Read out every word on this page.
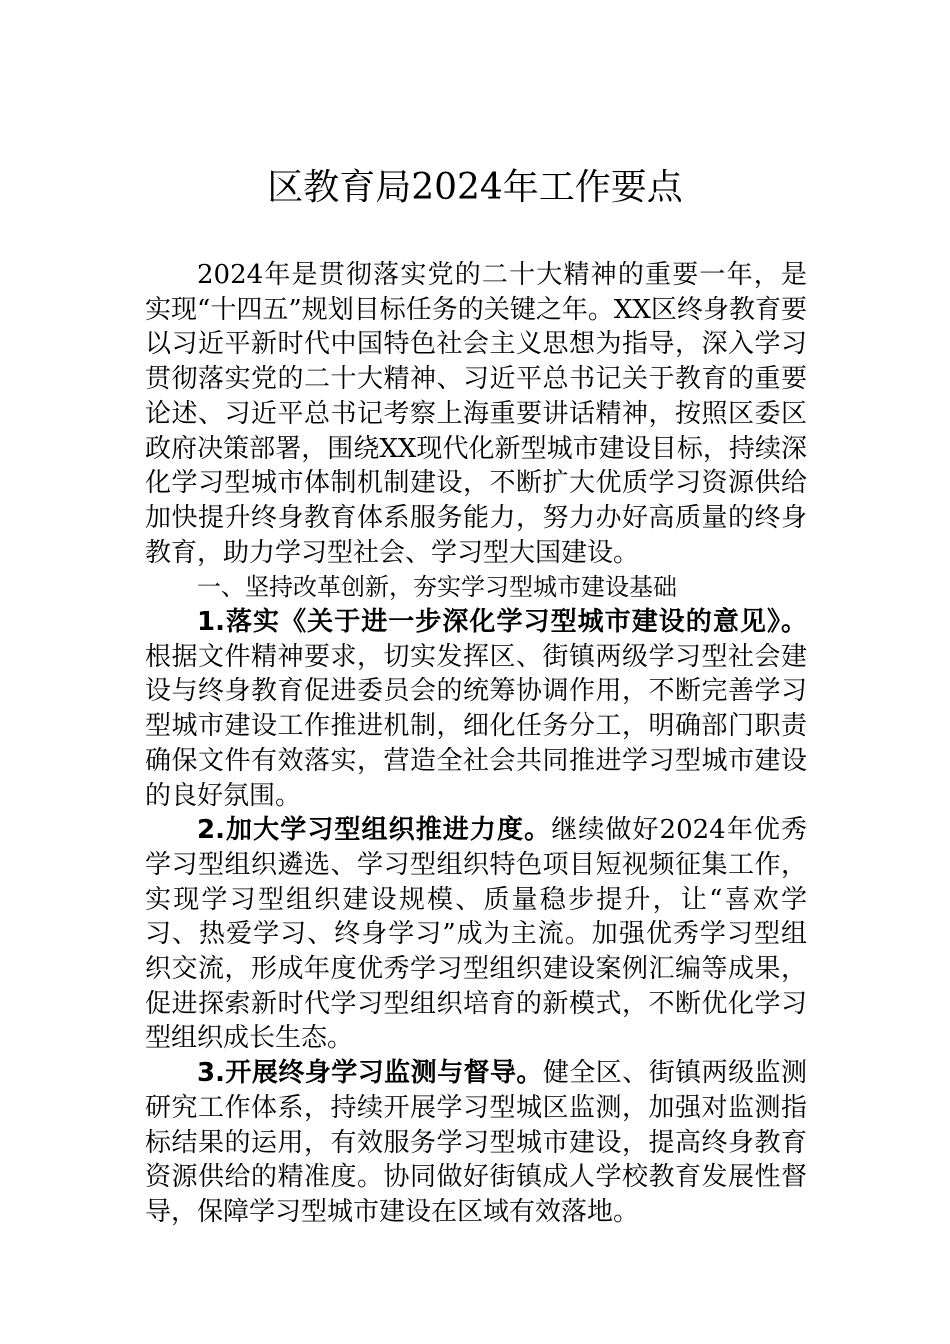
区教育局2024年工作要点

2024年是贯彻落实党的二十大精神的重要一年，是实现“十四五”规划目标任务的关键之年。XX区终身教育要以习近平新时代中国特色社会主义思想为指导，深入学习贯彻落实党的二十大精神、习近平总书记关于教育的重要论述、习近平总书记考察上海重要讲话精神，按照区委区政府决策部署，围绕XX现代化新型城市建设目标，持续深化学习型城市体制机制建设，不断扩大优质学习资源供给加快提升终身教育体系服务能力，努力办好高质量的终身教育，助力学习型社会、学习型大国建设。

一、坚持改革创新，夯实学习型城市建设基础

1.落实《关于进一步深化学习型城市建设的意见》。根据文件精神要求，切实发挥区、街镇两级学习型社会建设与终身教育促进委员会的统筹协调作用，不断完善学习型城市建设工作推进机制，细化任务分工，明确部门职责确保文件有效落实，营造全社会共同推进学习型城市建设的良好氛围。

2.加大学习型组织推进力度。继续做好2024年优秀学习型组织遴选、学习型组织特色项目短视频征集工作，实现学习型组织建设规模、质量稳步提升，让“喜欢学习、热爱学习、终身学习”成为主流。加强优秀学习型组织交流，形成年度优秀学习型组织建设案例汇编等成果，促进探索新时代学习型组织培育的新模式，不断优化学习型组织成长生态。

3.开展终身学习监测与督导。健全区、街镇两级监测研究工作体系，持续开展学习型城区监测，加强对监测指标结果的运用，有效服务学习型城市建设，提高终身教育资源供给的精准度。协同做好街镇成人学校教育发展性督导，保障学习型城市建设在区域有效落地。
